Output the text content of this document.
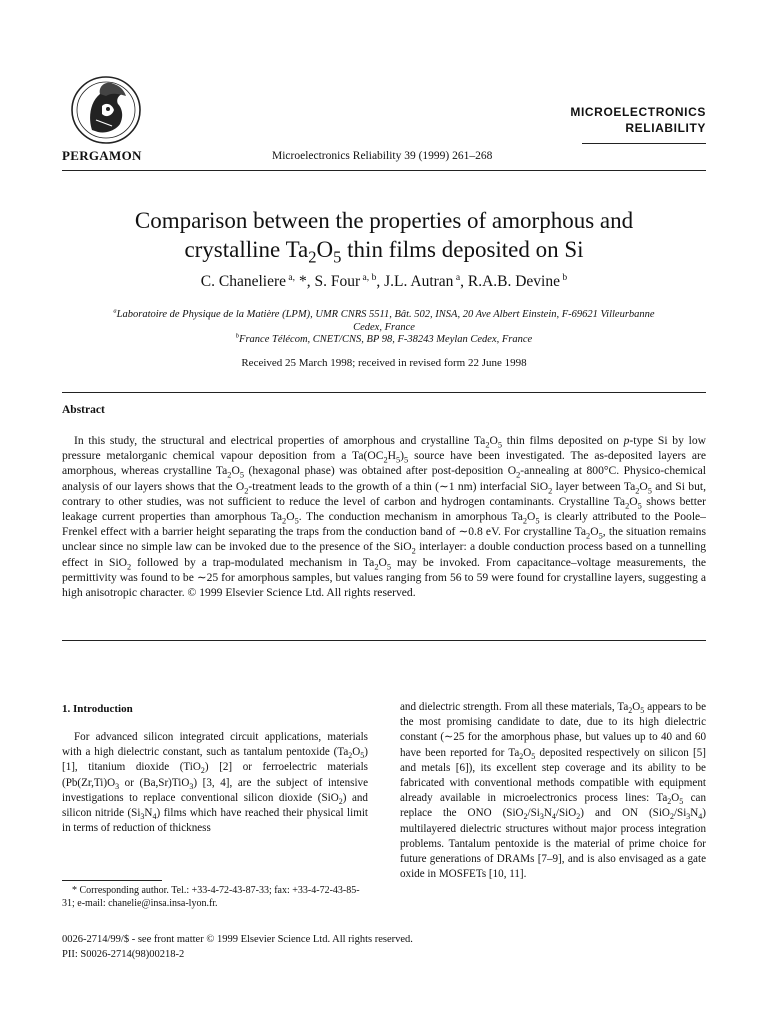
PERGAMON	Microelectronics Reliability 39 (1999) 261–268
MICROELECTRONICS
RELIABILITY
Comparison between the properties of amorphous and
crystalline $Ta_2O_5$ thin films deposited on Si
C. Chaneliere $^{a,}$ *, S. Four $^{a, b}$, J.L. Autran $^a$, R.A.B. Devine $^b$
$^a$Laboratoire de Physique de la Matière (LPM), UMR CNRS 5511, Bât. 502, INSA, 20 Ave Albert Einstein, F-69621 Villeurbanne
Cedex, France
$^b$France Télécom, CNET/CNS, BP 98, F-38243 Meylan Cedex, France
Received 25 March 1998; received in revised form 22 June 1998
Abstract
In this study, the structural and electrical properties of amorphous and crystalline $Ta_2O_5$ thin films deposited on p-type Si by low pressure metalorganic chemical vapour deposition from a $Ta(OC_2H_5)_5$ source have been investigated. The as-deposited layers are amorphous, whereas crystalline $Ta_2O_5$ (hexagonal phase) was obtained after post-deposition $O_2$-annealing at 800°C. Physico-chemical analysis of our layers shows that the $O_2$-treatment leads to the growth of a thin (∼1 nm) interfacial SiO$_2$ layer between $Ta_2O_5$ and Si but, contrary to other studies, was not sufficient to reduce the level of carbon and hydrogen contaminants. Crystalline $Ta_2O_5$ shows better leakage current properties than amorphous $Ta_2O_5$. The conduction mechanism in amorphous $Ta_2O_5$ is clearly attributed to the Poole–Frenkel effect with a barrier height separating the traps from the conduction band of ∼0.8 eV. For crystalline $Ta_2O_5$, the situation remains unclear since no simple law can be invoked due to the presence of the SiO$_2$ interlayer: a double conduction process based on a tunnelling effect in SiO$_2$ followed by a trap-modulated mechanism in $Ta_2O_5$ may be invoked. From capacitance–voltage measurements, the permittivity was found to be ∼25 for amorphous samples, but values ranging from 56 to 59 were found for crystalline layers, suggesting a high anisotropic character. © 1999 Elsevier Science Ltd. All rights reserved.
1. Introduction
For advanced silicon integrated circuit applications, materials with a high dielectric constant, such as tantalum pentoxide $(Ta_2O_5)$ [1], titanium dioxide (TiO$_2$) [2] or ferroelectric materials ($Pb(Zr,Ti)O_3$ or (Ba,Sr)TiO$_3$) [3, 4], are the subject of intensive investigations to replace conventional silicon dioxide (SiO$_2$) and silicon nitride $(Si_3N_4)$ films which have reached their physical limit in terms of reduction of thickness
and dielectric strength. From all these materials, $Ta_2O_5$ appears to be the most promising candidate to date, due to its high dielectric constant (∼25 for the amorphous phase, but values up to 40 and 60 have been reported for $Ta_2O_5$ deposited respectively on silicon [5] and metals [6]), its excellent step coverage and its ability to be fabricated with conventional methods compatible with equipment already available in microelectronics process lines: $Ta_2O_5$ can replace the ONO $(SiO_2/Si_3N_4/SiO_2)$ and ON $(SiO_2/Si_3N_4)$ multilayered dielectric structures without major process integration problems. Tantalum pentoxide is the material of prime choice for future generations of DRAMs [7–9], and is also envisaged as a gate oxide in MOSFETs [10, 11].
* Corresponding author. Tel.: +33-4-72-43-87-33; fax: +33-4-72-43-85-31; e-mail: chanelie@insa.insa-lyon.fr.
0026-2714/99/$ - see front matter © 1999 Elsevier Science Ltd. All rights reserved.
PII: S0026-2714(98)00218-2
